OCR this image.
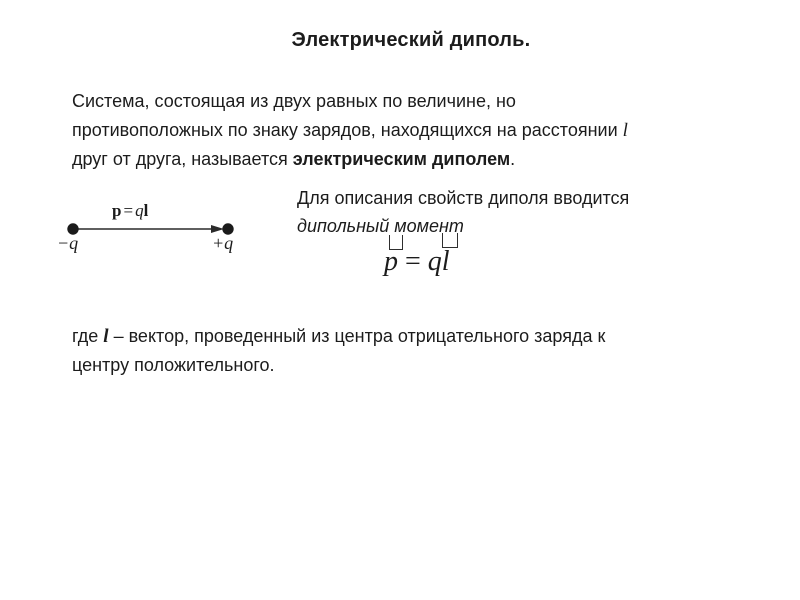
Электрический диполь.
Система, состоящая из двух равных по величине, но
противоположных по знаку зарядов, находящихся на расстоянии l
друг от друга, называется электрическим диполем.
p = ql
−q	+q
Для описания свойств диполя вводится
дипольный момент
p = q
l
где l – вектор, проведенный из центра отрицательного заряда к
центру положительного.
